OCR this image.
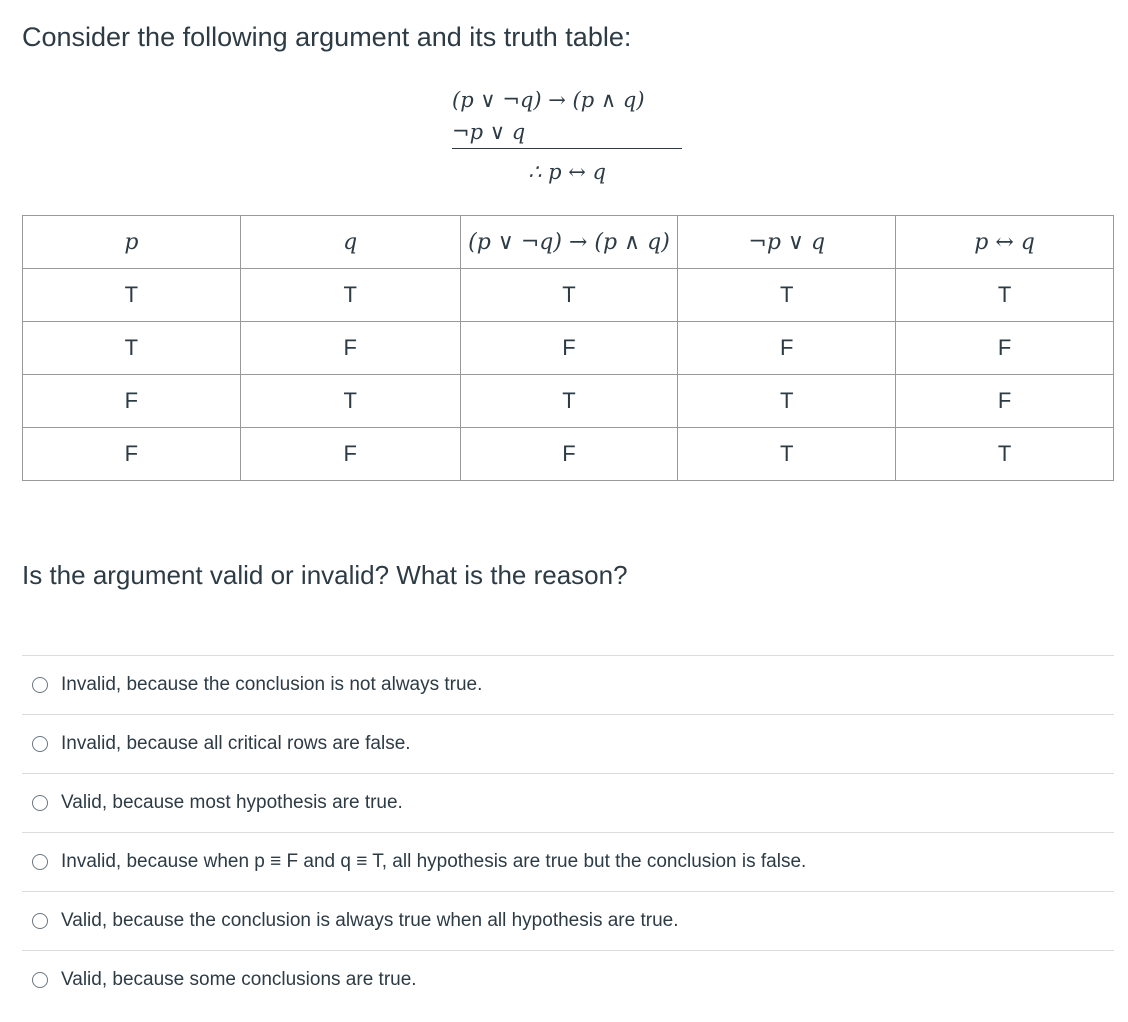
Consider the following argument and its truth table:
(p ∨ ¬q) → (p ∧ q)
¬p ∨ q
∴ p ↔ q
p	q	(p ∨ ¬q) → (p ∧ q)	¬p ∨ q	p ↔ q
T	T	T	T	T
T	F	F	F	F
F	T	T	T	F
F	F	F	T	T
Is the argument valid or invalid? What is the reason?
Invalid, because the conclusion is not always true.
Invalid, because all critical rows are false.
Valid, because most hypothesis are true.
Invalid, because when p ≡ F and q ≡ T, all hypothesis are true but the conclusion is false.
Valid, because the conclusion is always true when all hypothesis are true.
Valid, because some conclusions are true.
